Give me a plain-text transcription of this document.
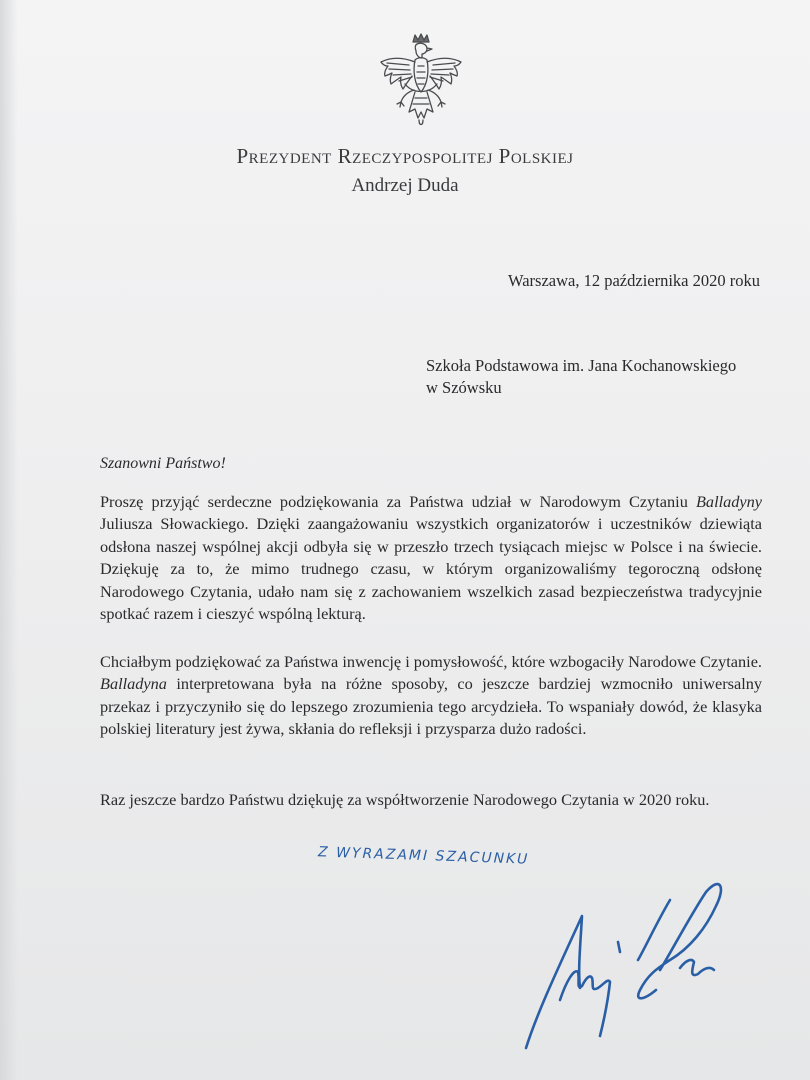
Prezydent Rzeczypospolitej Polskiej
Andrzej Duda
Warszawa, 12 października 2020 roku
Szkoła Podstawowa im. Jana Kochanowskiego
w Szówsku
Szanowni Państwo!
Proszę przyjąć serdeczne podziękowania za Państwa udział w Narodowym Czytaniu Balladyny Juliusza Słowackiego. Dzięki zaangażowaniu wszystkich organizatorów i uczestników dziewiąta odsłona naszej wspólnej akcji odbyła się w przeszło trzech tysiącach miejsc w Polsce i na świecie. Dziękuję za to, że mimo trudnego czasu, w którym organizowaliśmy tegoroczną odsłonę Narodowego Czytania, udało nam się z zachowaniem wszelkich zasad bezpieczeństwa tradycyjnie spotkać razem i cieszyć wspólną lekturą.
Chciałbym podziękować za Państwa inwencję i pomysłowość, które wzbogaciły Narodowe Czytanie. Balladyna interpretowana była na różne sposoby, co jeszcze bardziej wzmocniło uniwersalny przekaz i przyczyniło się do lepszego zrozumienia tego arcydzieła. To wspaniały dowód, że klasyka polskiej literatury jest żywa, skłania do refleksji i przysparza dużo radości.
Raz jeszcze bardzo Państwu dziękuję za współtworzenie Narodowego Czytania w 2020 roku.
Z WYRAZAMI SZACUNKU
